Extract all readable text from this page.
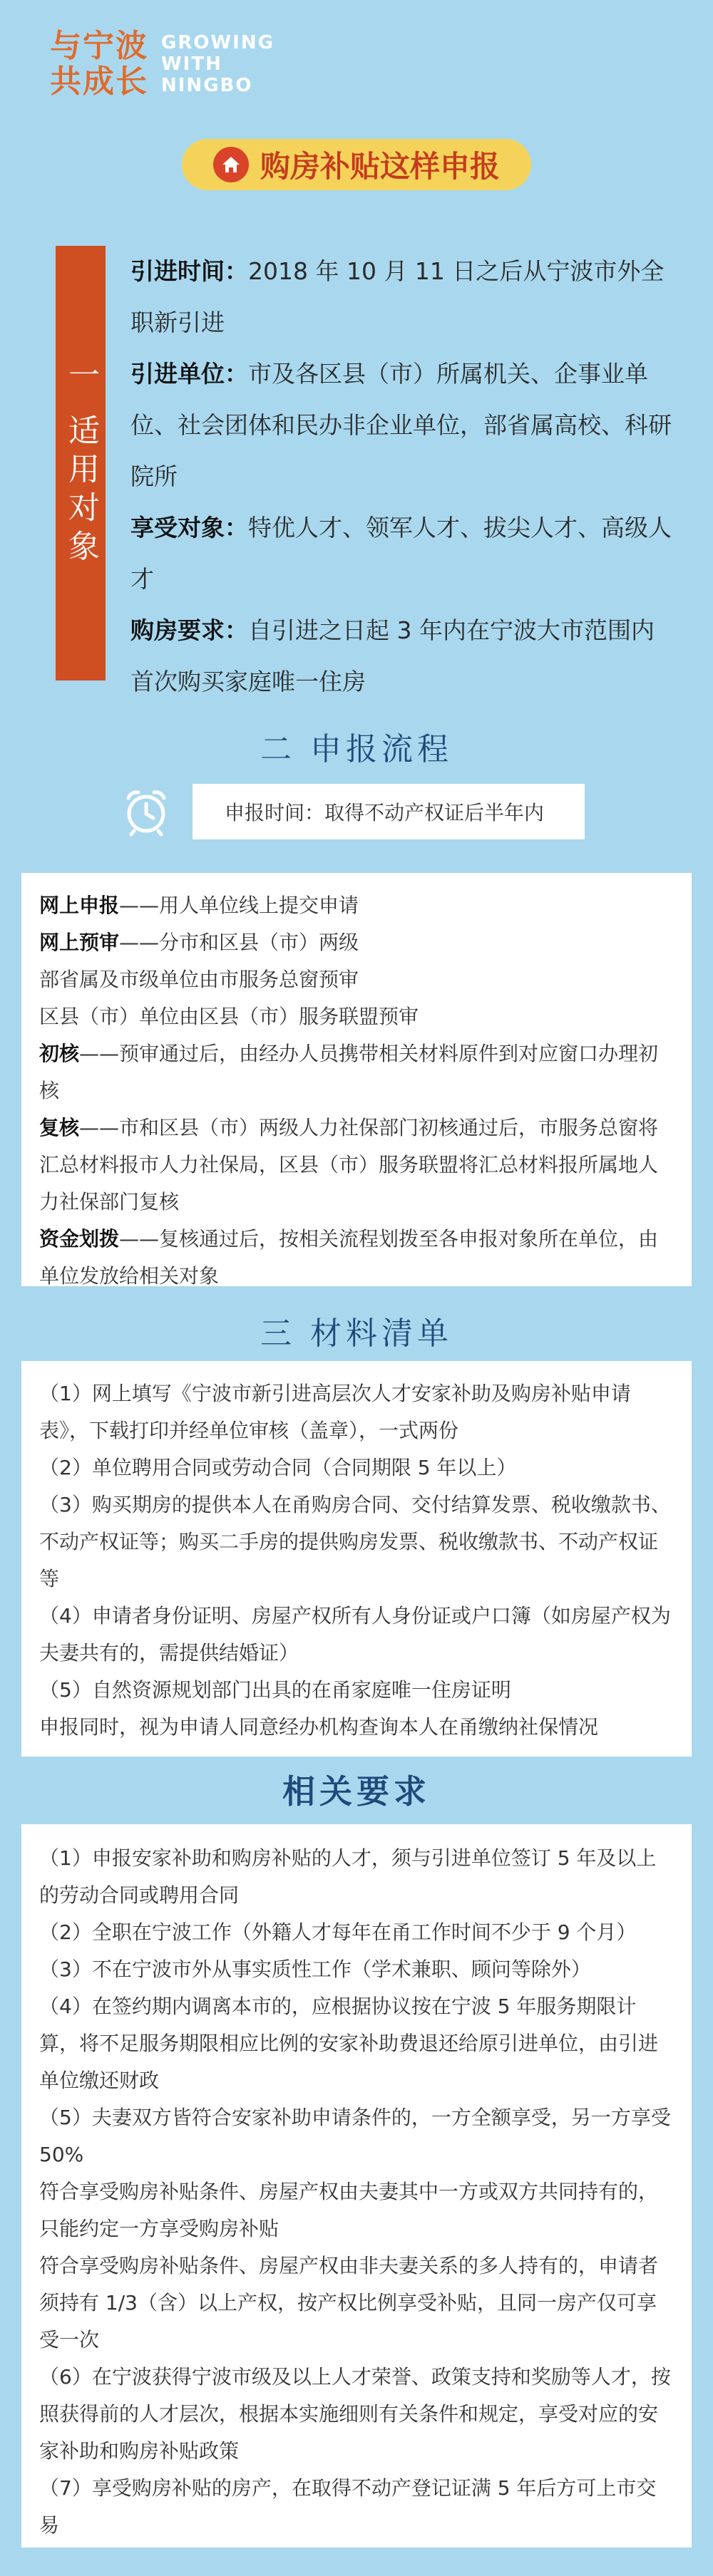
与宁波
共成长
GROWING
WITH
NINGBO
购房补贴这样申报
一 适用对象

引进时间：2018 年 10 月 11 日之后从宁波市外全职新引进

引进单位：市及各区县（市）所属机关、企事业单位、社会团体和民办非企业单位，部省属高校、科研院所

享受对象：特优人才、领军人才、拔尖人才、高级人才

购房要求：自引进之日起 3 年内在宁波大市范围内首次购买家庭唯一住房

二 申报流程
申报时间：取得不动产权证后半年内

网上申报——用人单位线上提交申请

网上预审——分市和区县（市）两级

部省属及市级单位由市服务总窗预审

区县（市）单位由区县（市）服务联盟预审

初核——预审通过后，由经办人员携带相关材料原件到对应窗口办理初核

复核——市和区县（市）两级人力社保部门初核通过后，市服务总窗将汇总材料报市人力社保局，区县（市）服务联盟将汇总材料报所属地人力社保部门复核

资金划拨——复核通过后，按相关流程划拨至各申报对象所在单位，由单位发放给相关对象

三 材料清单

（1）网上填写《宁波市新引进高层次人才安家补助及购房补贴申请表》，下载打印并经单位审核（盖章），一式两份

（2）单位聘用合同或劳动合同（合同期限 5 年以上）

（3）购买期房的提供本人在甬购房合同、交付结算发票、税收缴款书、不动产权证等；购买二手房的提供购房发票、税收缴款书、不动产权证等

（4）申请者身份证明、房屋产权所有人身份证或户口簿（如房屋产权为夫妻共有的，需提供结婚证）

（5）自然资源规划部门出具的在甬家庭唯一住房证明

申报同时，视为申请人同意经办机构查询本人在甬缴纳社保情况

相关要求

（1）申报安家补助和购房补贴的人才，须与引进单位签订 5 年及以上的劳动合同或聘用合同

（2）全职在宁波工作（外籍人才每年在甬工作时间不少于 9 个月）

（3）不在宁波市外从事实质性工作（学术兼职、顾问等除外）

（4）在签约期内调离本市的，应根据协议按在宁波 5 年服务期限计算，将不足服务期限相应比例的安家补助费退还给原引进单位，由引进单位缴还财政

（5）夫妻双方皆符合安家补助申请条件的，一方全额享受，另一方享受 50%

符合享受购房补贴条件、房屋产权由夫妻其中一方或双方共同持有的，只能约定一方享受购房补贴

符合享受购房补贴条件、房屋产权由非夫妻关系的多人持有的，申请者须持有 1/3（含）以上产权，按产权比例享受补贴，且同一房产仅可享受一次

（6）在宁波获得宁波市级及以上人才荣誉、政策支持和奖励等人才，按照获得前的人才层次，根据本实施细则有关条件和规定，享受对应的安家补助和购房补贴政策

（7）享受购房补贴的房产，在取得不动产登记证满 5 年后方可上市交易
